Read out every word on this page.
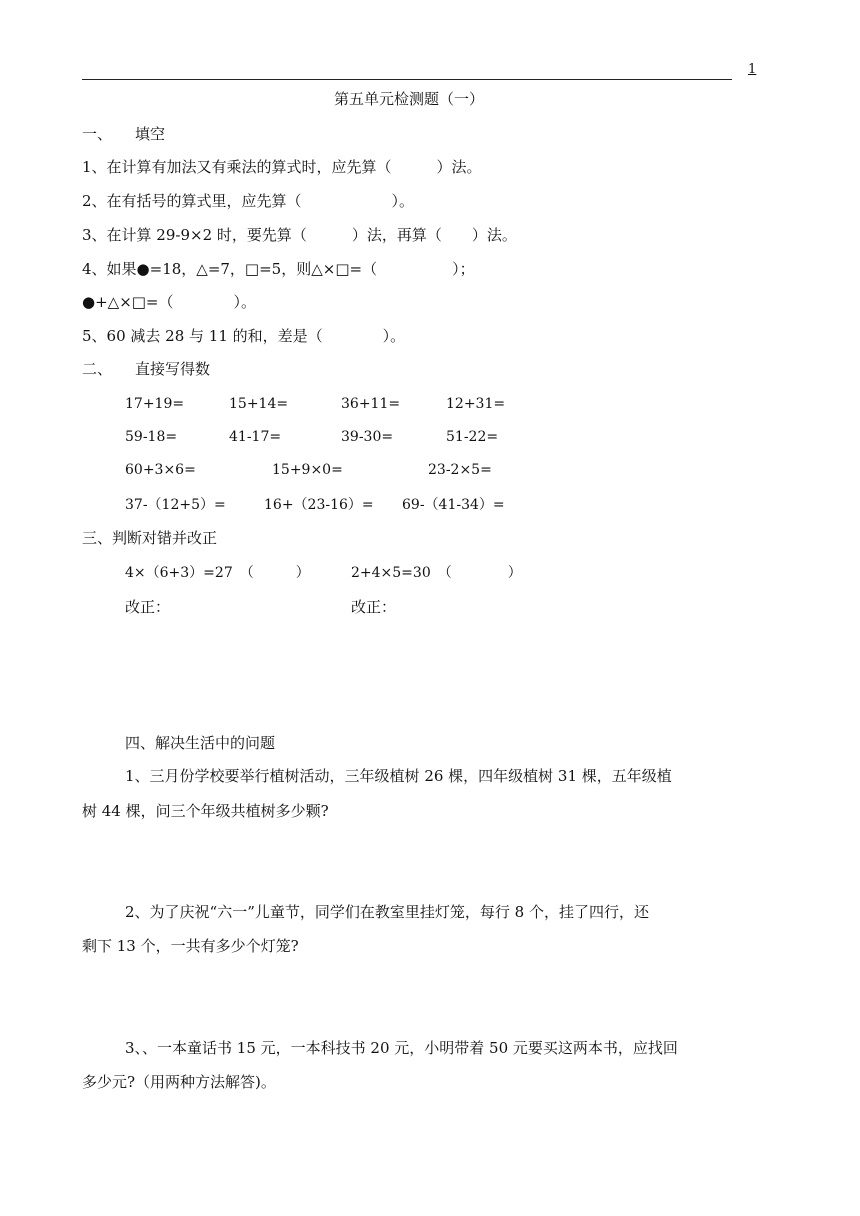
1
第五单元检测题（一）
一、 填空
1、在计算有加法又有乘法的算式时，应先算（　　　）法。
2、在有括号的算式里，应先算（　　　　　　）。
3、在计算 29-9×2 时，要先算（　　　）法，再算（　　）法。
4、如果●=18，△=7，□=5，则△×□=（　　　　　）；
●+△×□=（　　　　）。
5、60 减去 28 与 11 的和，差是（　　　　）。
二、 直接写得数
17+19=	15+14=	36+11=	12+31=
59-18=	41-17=	39-30=	51-22=
60+3×6=	15+9×0=	23-2×5=
37-（12+5）=	16+（23-16）= 69-（41-34）=
三、判断对错并改正
4×（6+3）=27　（　　　）	2+4×5=30　（　　　　）
改正：	改正：
四、解决生活中的问题
1、三月份学校要举行植树活动，三年级植树 26 棵，四年级植树 31 棵，五年级植
树 44 棵，问三个年级共植树多少颗?
2、为了庆祝“六一”儿童节，同学们在教室里挂灯笼，每行 8 个，挂了四行，还
剩下 13 个，一共有多少个灯笼?
3、、一本童话书 15 元，一本科技书 20 元，小明带着 50 元要买这两本书，应找回
多少元?（用两种方法解答)。
